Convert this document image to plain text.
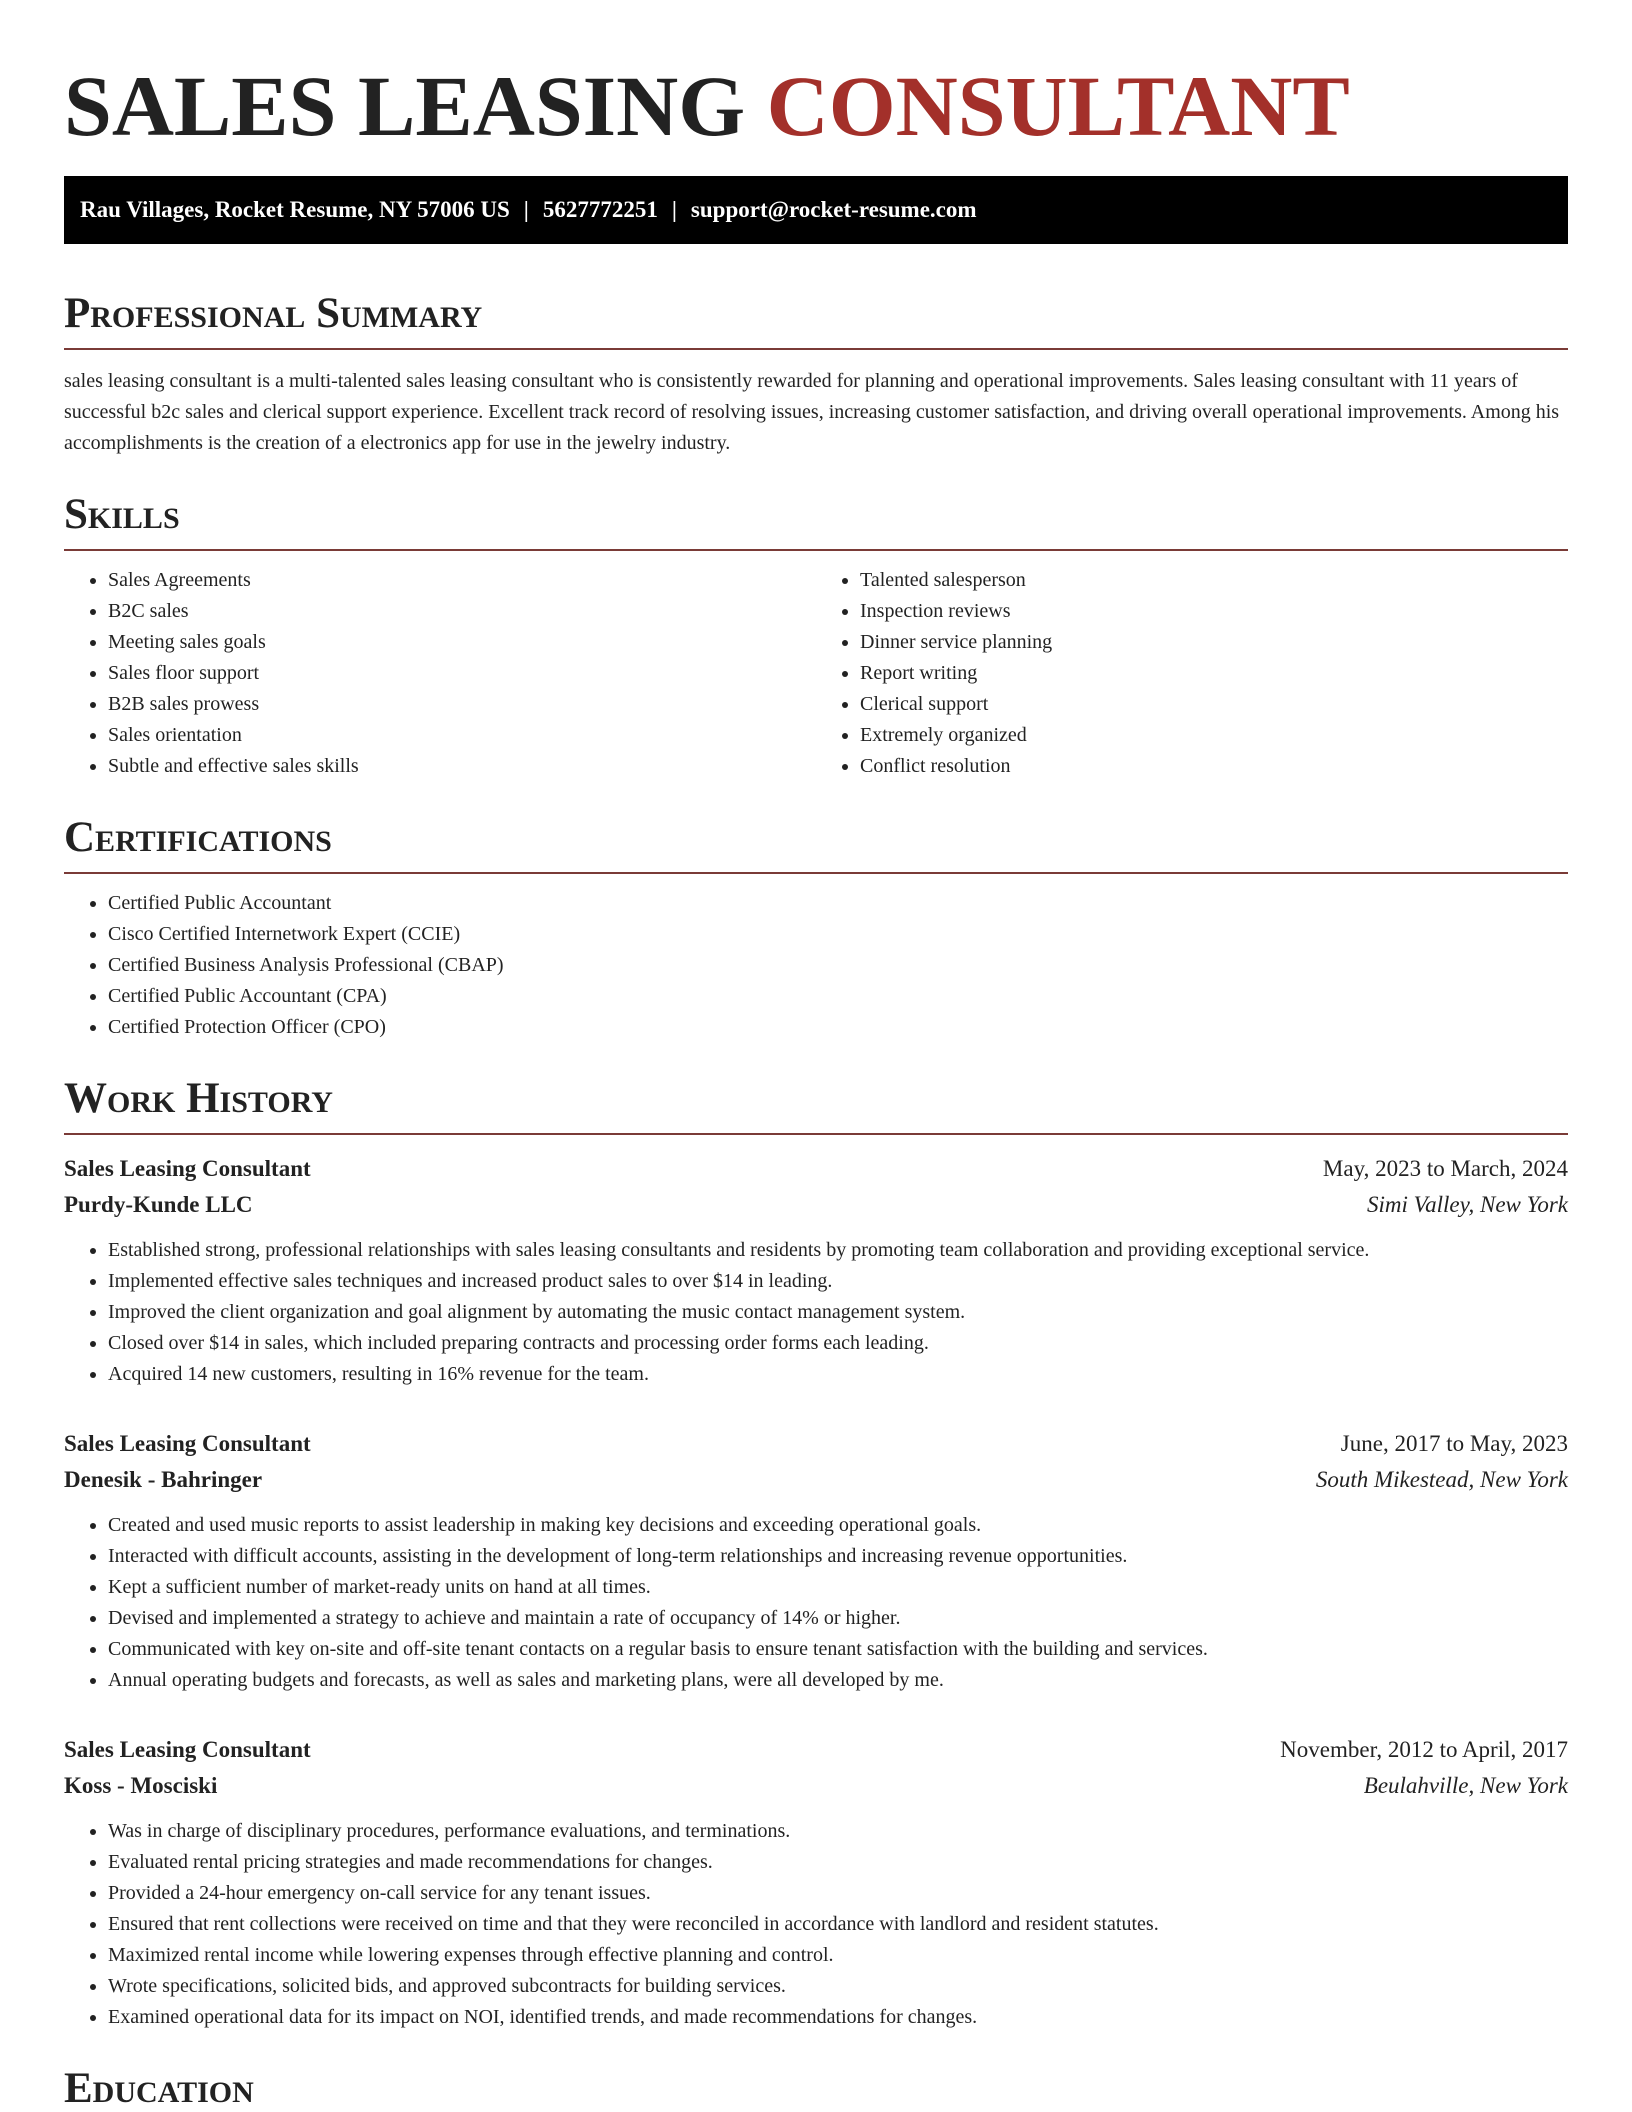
SALES LEASING CONSULTANT
Rau Villages, Rocket Resume, NY 57006 US | 5627772251 | support@rocket-resume.com
Professional Summary

sales leasing consultant is a multi-talented sales leasing consultant who is consistently rewarded for planning and operational improvements. Sales leasing consultant with 11 years of successful b2c sales and clerical support experience. Excellent track record of resolving issues, increasing customer satisfaction, and driving overall operational improvements. Among his accomplishments is the creation of a electronics app for use in the jewelry industry.

Skills
• Sales Agreements
• B2C sales
• Meeting sales goals
• Sales floor support
• B2B sales prowess
• Sales orientation
• Subtle and effective sales skills
• Talented salesperson
• Inspection reviews
• Dinner service planning
• Report writing
• Clerical support
• Extremely organized
• Conflict resolution
Certifications
• Certified Public Accountant
• Cisco Certified Internetwork Expert (CCIE)
• Certified Business Analysis Professional (CBAP)
• Certified Public Accountant (CPA)
• Certified Protection Officer (CPO)
Work History
Sales Leasing Consultant	May, 2023 to March, 2024
Purdy-Kunde LLC	Simi Valley, New York
• Established strong, professional relationships with sales leasing consultants and residents by promoting team collaboration and providing exceptional service.
• Implemented effective sales techniques and increased product sales to over $14 in leading.
• Improved the client organization and goal alignment by automating the music contact management system.
• Closed over $14 in sales, which included preparing contracts and processing order forms each leading.
• Acquired 14 new customers, resulting in 16% revenue for the team.
Sales Leasing Consultant	June, 2017 to May, 2023
Denesik - Bahringer	South Mikestead, New York
• Created and used music reports to assist leadership in making key decisions and exceeding operational goals.
• Interacted with difficult accounts, assisting in the development of long-term relationships and increasing revenue opportunities.
• Kept a sufficient number of market-ready units on hand at all times.
• Devised and implemented a strategy to achieve and maintain a rate of occupancy of 14% or higher.
• Communicated with key on-site and off-site tenant contacts on a regular basis to ensure tenant satisfaction with the building and services.
• Annual operating budgets and forecasts, as well as sales and marketing plans, were all developed by me.
Sales Leasing Consultant	November, 2012 to April, 2017
Koss - Mosciski	Beulahville, New York
• Was in charge of disciplinary procedures, performance evaluations, and terminations.
• Evaluated rental pricing strategies and made recommendations for changes.
• Provided a 24-hour emergency on-call service for any tenant issues.
• Ensured that rent collections were received on time and that they were reconciled in accordance with landlord and resident statutes.
• Maximized rental income while lowering expenses through effective planning and control.
• Wrote specifications, solicited bids, and approved subcontracts for building services.
• Examined operational data for its impact on NOI, identified trends, and made recommendations for changes.
Education
